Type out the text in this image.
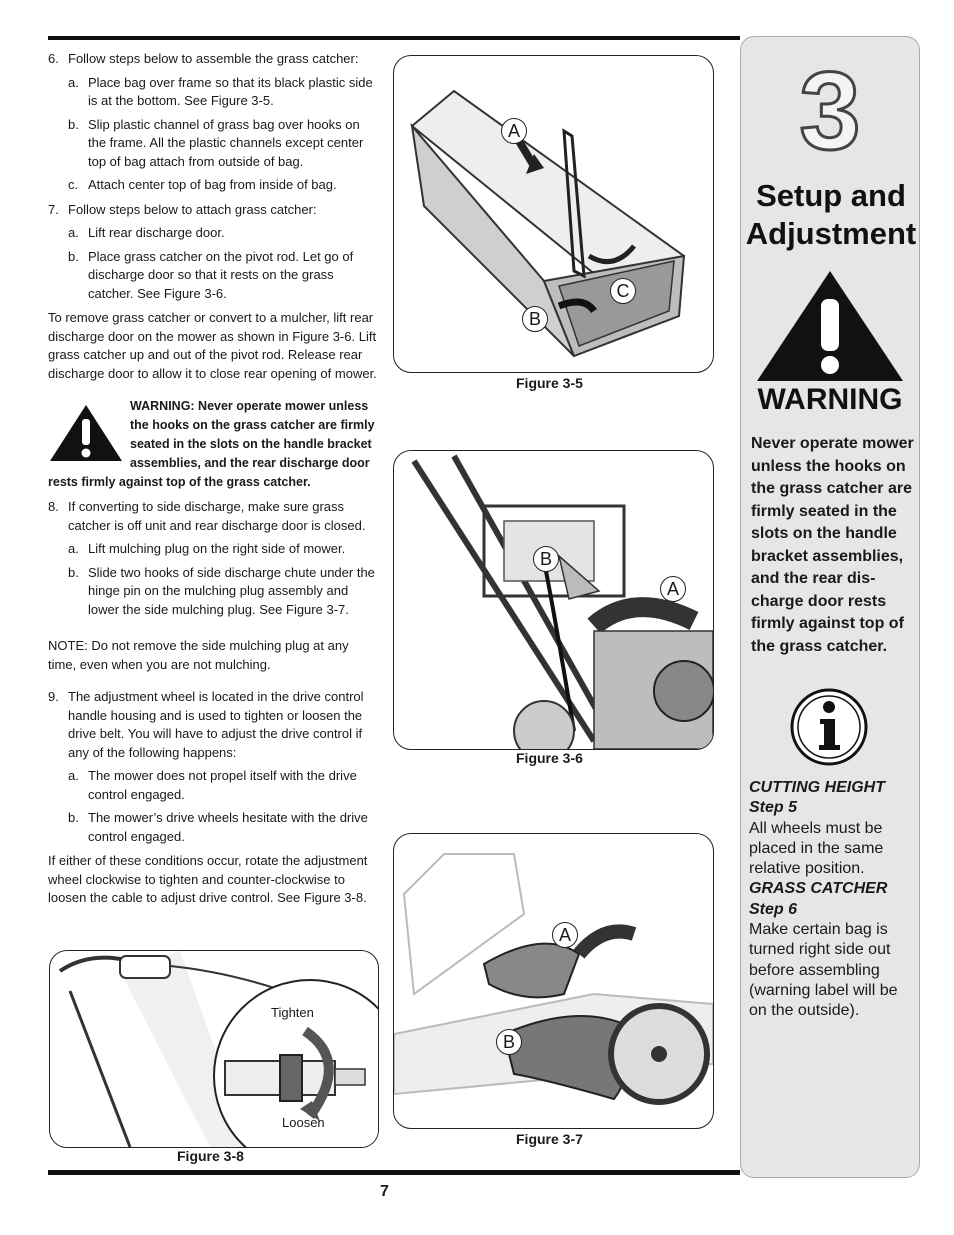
6. Follow steps below to assemble the grass catcher:

a. Place bag over frame so that its black plastic side is at the bottom. See Figure 3-5.

b. Slip plastic channel of grass bag over hooks on the frame. All the plastic channels except center top of bag attach from outside of bag.

c. Attach center top of bag from inside of bag.

7. Follow steps below to attach grass catcher:

a. Lift rear discharge door.

b. Place grass catcher on the pivot rod. Let go of discharge door so that it rests on the grass catcher. See Figure 3-6.

To remove grass catcher or convert to a mulcher, lift rear discharge door on the mower as shown in Figure 3-6. Lift grass catcher up and out of the pivot rod. Release rear discharge door to allow it to close rear opening of mower.

WARNING: Never operate mower unless the hooks on the grass catcher are firmly seated in the slots on the handle bracket assemblies, and the rear discharge door rests firmly against top of the grass catcher.
8. If converting to side discharge, make sure grass catcher is off unit and rear discharge door is closed.

a. Lift mulching plug on the right side of mower.

b. Slide two hooks of side discharge chute under the hinge pin on the mulching plug assembly and lower the side mulching plug. See Figure 3-7.

NOTE: Do not remove the side mulching plug at any time, even when you are not mulching.

9. The adjustment wheel is located in the drive control handle housing and is used to tighten or loosen the drive belt. You will have to adjust the drive control if any of the following happens:

a. The mower does not propel itself with the drive control engaged.

b. The mower’s drive wheels hesitate with the drive control engaged.

If either of these conditions occur, rotate the adjustment wheel clockwise to tighten and counter-clockwise to loosen the cable to adjust drive control. See Figure 3-8.

A
B
C
Figure 3-5
B
A
Figure 3-6
A
B
Figure 3-7
Tighten
Loosen
Figure 3-8
3
Setup and
Adjustment
WARNING
Never operate mower unless the hooks on the grass catcher are firmly seated in the slots on the handle bracket assemblies, and the rear dis-charge door rests firmly against top of the grass catcher.
CUTTING HEIGHT Step 5
All wheels must be placed in the same relative position.
GRASS CATCHER Step 6
Make certain bag is turned right side out before assembling (warning label will be on the outside).
7
